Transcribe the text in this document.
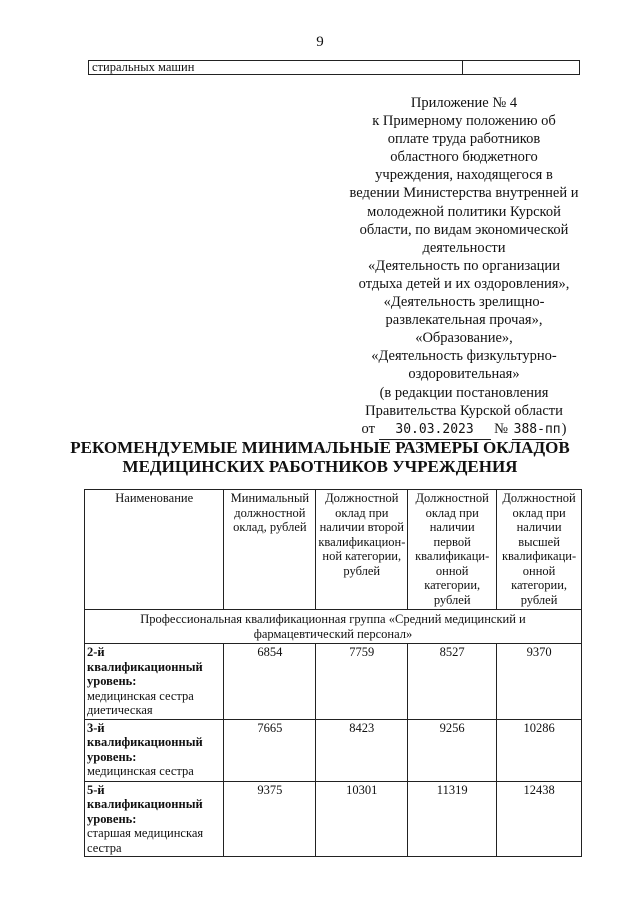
9
стиральных машин	
Приложение № 4
к Примерному положению об
оплате труда работников
областного бюджетного
учреждения, находящегося в
ведении Министерства внутренней и
молодежной политики Курской
области, по видам экономической
деятельности
«Деятельность по организации
отдыха детей и их оздоровления»,
«Деятельность зрелищно-
развлекательная прочая»,
«Образование»,
«Деятельность физкультурно-
оздоровительная»
(в редакции постановления
Правительства Курской области
от 30.03.2023 № 388-пп)
РЕКОМЕНДУЕМЫЕ МИНИМАЛЬНЫЕ РАЗМЕРЫ ОКЛАДОВ
МЕДИЦИНСКИХ РАБОТНИКОВ УЧРЕЖДЕНИЯ
Наименование	Минимальный должностной оклад, рублей	Должностной оклад при наличии второй квалификацион-ной категории, рублей	Должностной оклад при наличии первой квалификаци-онной категории, рублей	Должностной оклад при наличии высшей квалификаци-онной категории, рублей
Профессиональная квалификационная группа «Средний медицинский и фармацевтический персонал»				

2-й квалификационный уровень:
медицинская сестра диетическая	6854	7759	8527	9370

3-й квалификационный уровень:
медицинская сестра	7665	8423	9256	10286

5-й квалификационный уровень:
старшая медицинская сестра	9375	10301	11319	12438
